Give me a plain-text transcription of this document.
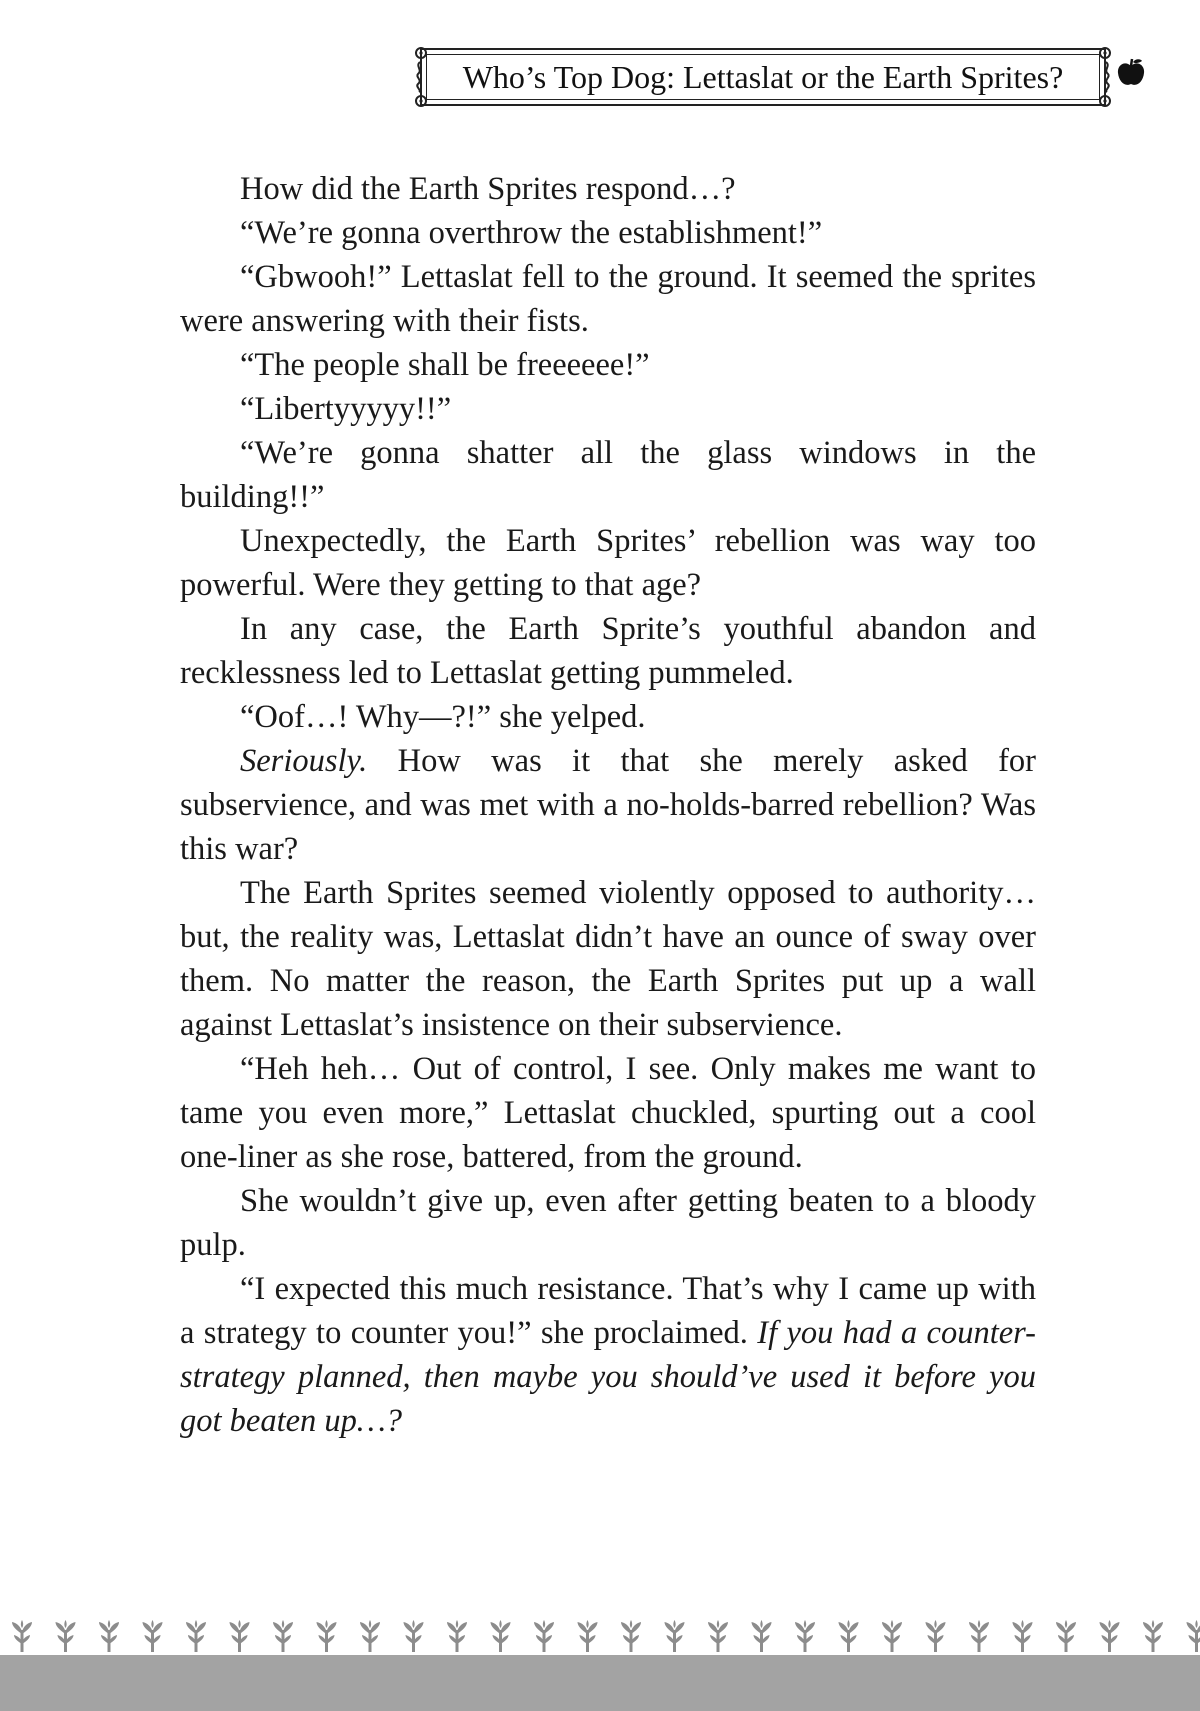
Who’s Top Dog: Lettaslat or the Earth Sprites?

How did the Earth Sprites respond…?

“We’re gonna overthrow the establishment!”

“Gbwooh!” Lettaslat fell to the ground. It seemed the sprites were answering with their fists.

“The people shall be freeeeee!”

“Libertyyyyy!!”

“We’re gonna shatter all the glass windows in the building!!”

Unexpectedly, the Earth Sprites’ rebellion was way too powerful. Were they getting to that age?

In any case, the Earth Sprite’s youthful abandon and recklessness led to Lettaslat getting pummeled.

“Oof…! Why—?!” she yelped.

Seriously. How was it that she merely asked for subservience, and was met with a no-holds-barred rebellion? Was this war?

The Earth Sprites seemed violently opposed to authority…but, the reality was, Lettaslat didn’t have an ounce of sway over them. No matter the reason, the Earth Sprites put up a wall against Lettaslat’s insistence on their subservience.

“Heh heh… Out of control, I see. Only makes me want to tame you even more,” Lettaslat chuckled, spurting out a cool one-liner as she rose, battered, from the ground.

She wouldn’t give up, even after getting beaten to a bloody pulp.

“I expected this much resistance. That’s why I came up with a strategy to counter you!” she proclaimed. If you had a counter-strategy planned, then maybe you should’ve used it before you got beaten up…?
